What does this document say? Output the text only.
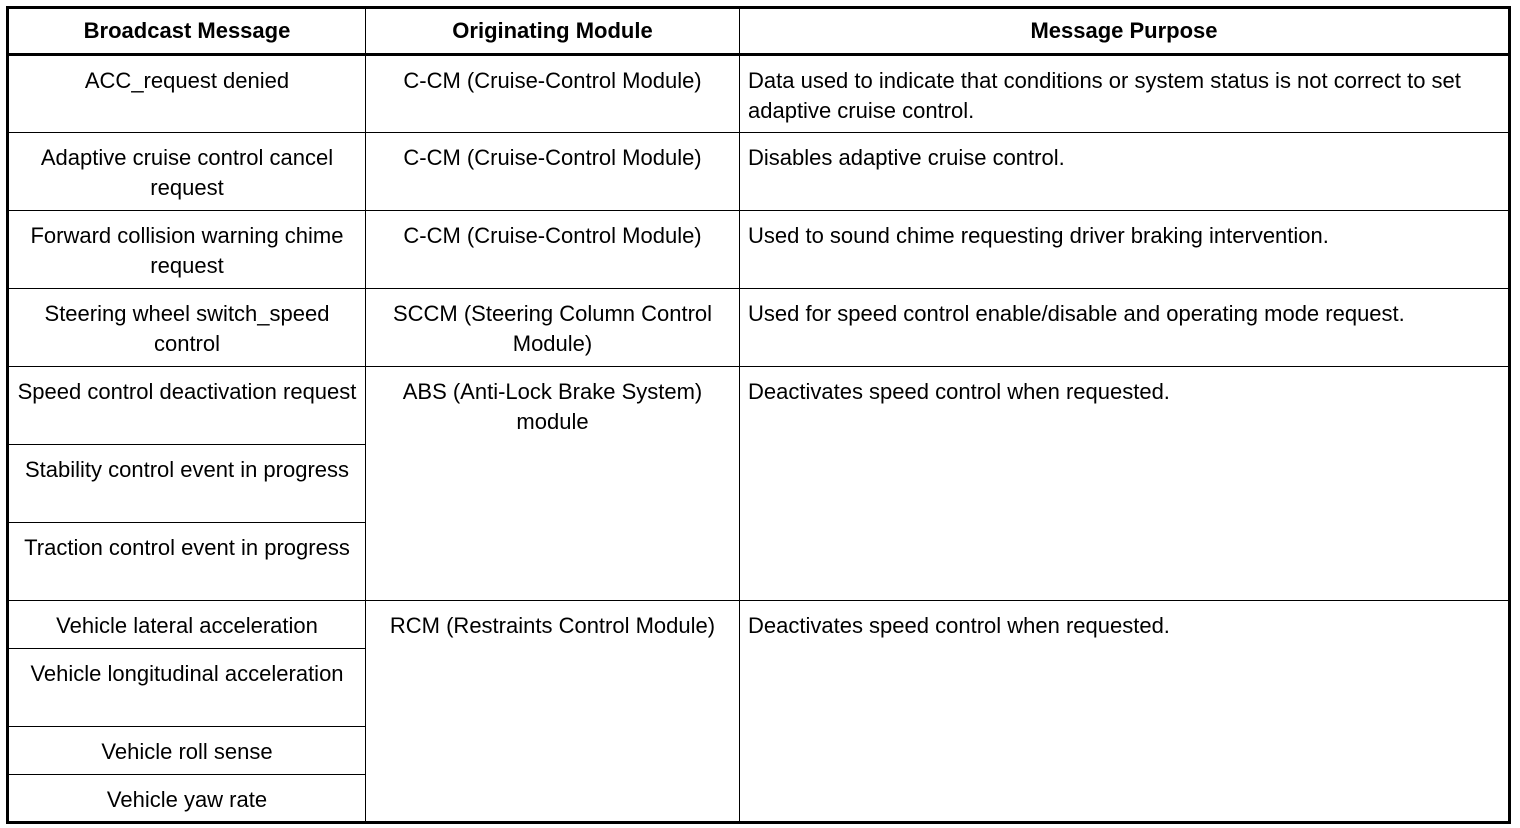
Broadcast Message	Originating Module	Message Purpose
ACC_request denied	C-CM (Cruise-Control Module)	Data used to indicate that conditions or system status is not correct to set adaptive cruise control.
Adaptive cruise control cancel request	C-CM (Cruise-Control Module)	Disables adaptive cruise control.
Forward collision warning chime request	C-CM (Cruise-Control Module)	Used to sound chime requesting driver braking intervention.
Steering wheel switch_speed control	SCCM (Steering Column Control Module)	Used for speed control enable/disable and operating mode request.
Speed control deactivation request	ABS (Anti-Lock Brake System) module	Deactivates speed control when requested.
Stability control event in progress		
Traction control event in progress		
Vehicle lateral acceleration	RCM (Restraints Control Module)	Deactivates speed control when requested.
Vehicle longitudinal acceleration		
Vehicle roll sense		
Vehicle yaw rate		
